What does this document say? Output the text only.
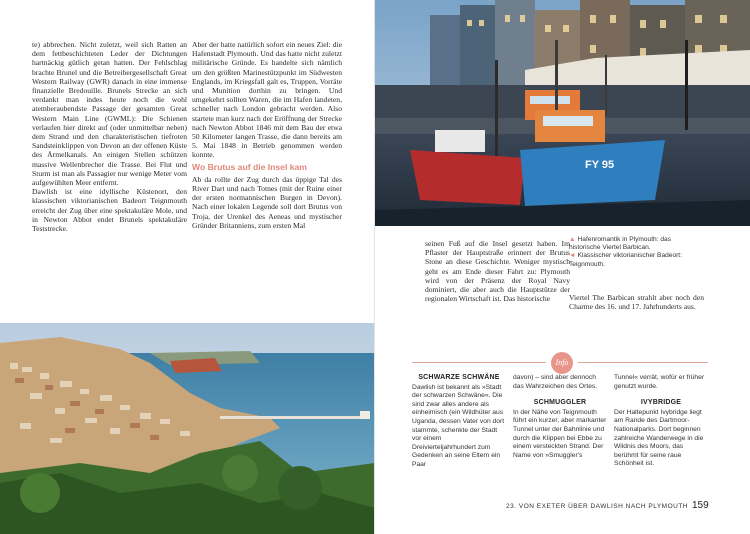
te) abbrechen. Nicht zuletzt, weil sich Ratten an dem fettbeschichteten Leder der Dichtungen hartnäckig gütlich getan hatten. Der Fehlschlag brachte Brunel und die Betreibergesellschaft Great Western Railway (GWR) danach in eine immense finanzielle Bredouille. Brunels Strecke an sich verdankt man indes heute noch die wohl atemberaubendste Passage der gesamten Great Western Main Line (GWML): Die Schienen verlaufen hier direkt auf (oder unmittelbar neben) dem Strand und den charakteristischen tiefroten Sandsteinklippen von Devon an der offenen Küste des Ärmelkanals. An einigen Stellen schützen massive Wellenbrecher die Trasse. Bei Flut und Sturm ist man als Passagier nur wenige Meter vom aufgewühlten Meer entfernt.

Dawlish ist eine idyllische Küstenort, den klassischen viktorianischen Badeort Teignmouth erreicht der Zug über eine spektakuläre Mole, und in Newton Abbot endet Brunels spektakuläre Teststrecke.

Aber der hatte natürlich sofort ein neues Ziel: die Hafenstadt Plymouth. Und das hatte nicht zuletzt militärische Gründe. Es handelte sich nämlich um den größten Marinestützpunkt im Südwesten Englands, im Kriegsfall galt es, Truppen, Vorräte und Munition dorthin zu bringen. Und umgekehrt sollten Waren, die im Hafen landeten, schneller nach London gebracht werden. Also startete man kurz nach der Eröffnung der Strecke nach Newton Abbot 1846 mit dem Bau der etwa 50 Kilometer langen Trasse, die dann bereits am 5. Mai 1848 in Betrieb genommen werden konnte.

Wo Brutus auf die Insel kam

Ab da rollte der Zug durch das üppige Tal des River Dart und nach Totnes (mit der Ruine einer der ersten normannischen Burgen in Devon). Nach einer lokalen Legende soll dort Brutus von Troja, der Urenkel des Aeneas und mystischer Gründer Britanniens, zum ersten Mal

FY 95

seinen Fuß auf die Insel gesetzt haben. Im Pflaster der Hauptstraße erinnert der Brutus Stone an diese Geschichte. Weniger mystisch geht es am Ende dieser Fahrt zu: Plymouth wird von der Präsenz der Royal Navy dominiert, die aber auch die Hauptstütze der regionalen Wirtschaft ist. Das historische

▲ Hafenromantik in Plymouth: das historische Viertel Barbican.
◄ Klassischer viktorianischer Badeort: Teignmouth.

Viertel The Barbican strahlt aber noch den Charme des 16. und 17. Jahrhunderts aus.

Info
SCHWARZE SCHWÄNE

Dawlish ist bekannt als »Stadt der schwarzen Schwäne«. Die sind zwar alles andere als einheimisch (ein Wildhüter aus Uganda, dessen Vater von dort stammte, schenkte der Stadt vor einem Dreivierteljahrhundert zum Gedenken an seine Eltern ein Paar

davon) – sind aber dennoch das Wahrzeichen des Ortes.

SCHMUGGLER

In der Nähe von Teignmouth führt ein kurzer, aber markanter Tunnel unter der Bahnlinie und durch die Klippen bei Ebbe zu einem versteckten Strand. Der Name von »Smuggler's

Tunnel« verrät, wofür er früher genutzt wurde.

IVYBRIDGE

Der Haltepunkt Ivybridge liegt am Rande des Dartmoor-Nationalparks. Dort beginnen zahlreiche Wanderwege in die Wildnis des Moors, das berühmt für seine raue Schönheit ist.

23. VON EXETER ÜBER DAWLISH NACH PLYMOUTH 159
